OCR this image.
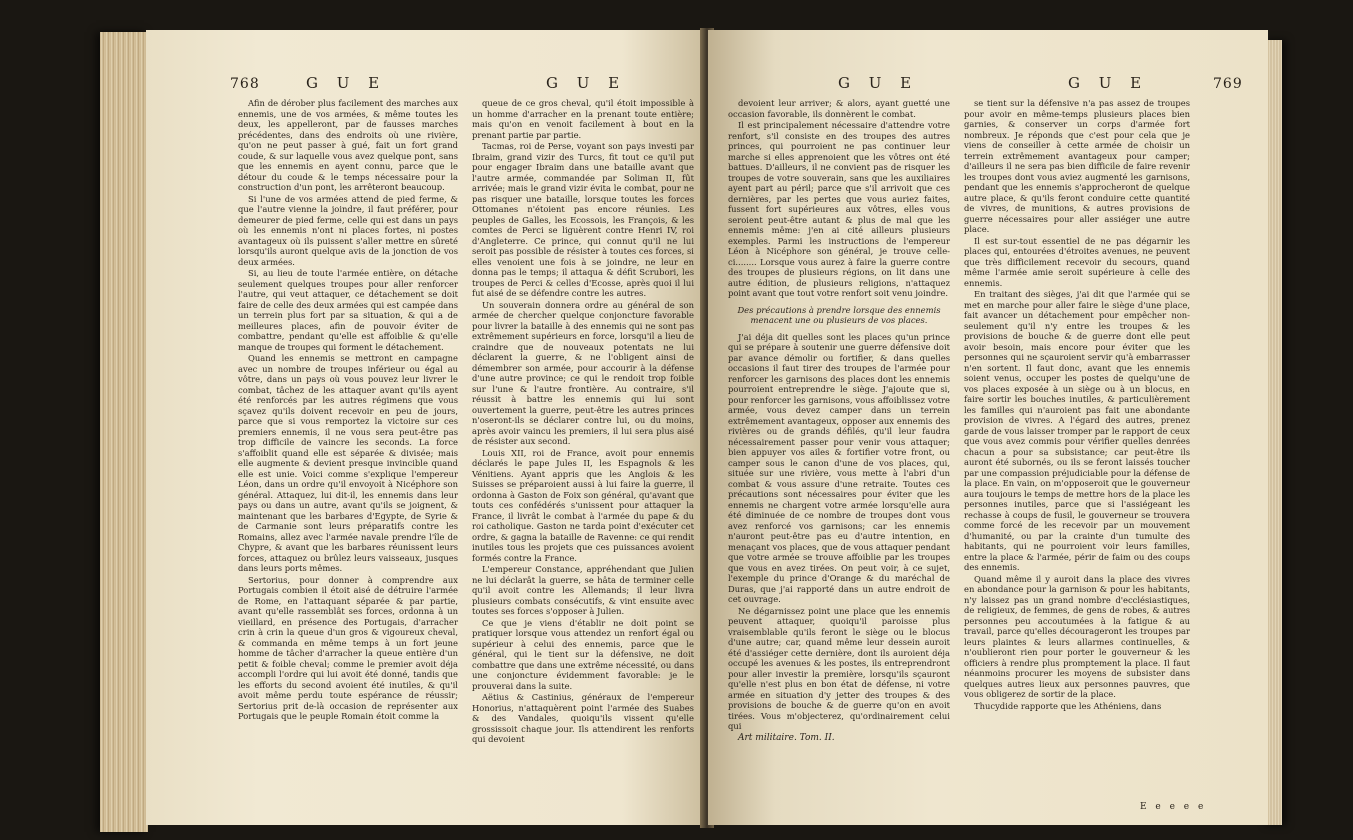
768	G U E	G U E

Afin de dérober plus facilement des marches aux ennemis, une de vos armées, & même toutes les deux, les appelleront, par de fausses marches précédentes, dans des endroits où une rivière, qu'on ne peut passer à gué, fait un fort grand coude, & sur laquelle vous avez quelque pont, sans que les ennemis en ayent connu, parce que le détour du coude & le temps nécessaire pour la construction d'un pont, les arrêteront beaucoup.

Si l'une de vos armées attend de pied ferme, & que l'autre vienne la joindre, il faut préférer, pour demeurer de pied ferme, celle qui est dans un pays où les ennemis n'ont ni places fortes, ni postes avantageux où ils puissent s'aller mettre en sûreté lorsqu'ils auront quelque avis de la jonction de vos deux armées.

Si, au lieu de toute l'armée entière, on détache seulement quelques troupes pour aller renforcer l'autre, qui veut attaquer, ce détachement se doit faire de celle des deux armées qui est campée dans un terrein plus fort par sa situation, & qui a de meilleures places, afin de pouvoir éviter de combattre, pendant qu'elle est affoiblie & qu'elle manque de troupes qui forment le détachement.

Quand les ennemis se mettront en campagne avec un nombre de troupes inférieur ou égal au vôtre, dans un pays où vous pouvez leur livrer le combat, tâchez de les attaquer avant qu'ils ayent été renforcés par les autres régimens que vous sçavez qu'ils doivent recevoir en peu de jours, parce que si vous remportez la victoire sur ces premiers ennemis, il ne vous sera peut-être pas trop difficile de vaincre les seconds. La force s'affoiblit quand elle est séparée & divisée; mais elle augmente & devient presque invincible quand elle est unie. Voici comme s'explique l'empereur Léon, dans un ordre qu'il envoyoit à Nicéphore son général. Attaquez, lui dit-il, les ennemis dans leur pays ou dans un autre, avant qu'ils se joignent, & maintenant que les barbares d'Egypte, de Syrie & de Carmanie sont leurs préparatifs contre les Romains, allez avec l'armée navale prendre l'île de Chypre, & avant que les barbares réunissent leurs forces, attaquez ou brûlez leurs vaisseaux, jusques dans leurs ports mêmes.

Sertorius, pour donner à comprendre aux Portugais combien il étoit aisé de détruire l'armée de Rome, en l'attaquant séparée & par partie, avant qu'elle rassemblât ses forces, ordonna à un vieillard, en présence des Portugais, d'arracher crin à crin la queue d'un gros & vigoureux cheval, & commanda en même temps à un fort jeune homme de tâcher d'arracher la queue entière d'un petit & foible cheval; comme le premier avoit déja accompli l'ordre qui lui avoit été donné, tandis que les efforts du second avoient été inutiles, & qu'il avoit même perdu toute espérance de réussir; Sertorius prit de-là occasion de représenter aux Portugais que le peuple Romain étoit comme la

queue de ce gros cheval, qu'il étoit impossible à un homme d'arracher en la prenant toute entière; mais qu'on en venoit facilement à bout en la prenant partie par partie.

Tacmas, roi de Perse, voyant son pays investi par Ibraim, grand vizir des Turcs, fit tout ce qu'il put pour engager Ibraim dans une bataille avant que l'autre armée, commandée par Soliman II, fût arrivée; mais le grand vizir évita le combat, pour ne pas risquer une bataille, lorsque toutes les forces Ottomanes n'étoient pas encore réunies. Les peuples de Galles, les Ecossois, les François, & les comtes de Perci se liguèrent contre Henri IV, roi d'Angleterre. Ce prince, qui connut qu'il ne lui seroit pas possible de résister à toutes ces forces, si elles venoient une fois à se joindre, ne leur en donna pas le temps; il attaqua & défit Scrubori, les troupes de Perci & celles d'Ecosse, après quoi il lui fut aisé de se défendre contre les autres.

Un souverain donnera ordre au général de son armée de chercher quelque conjoncture favorable pour livrer la bataille à des ennemis qui ne sont pas extrêmement supérieurs en force, lorsqu'il a lieu de craindre que de nouveaux potentats ne lui déclarent la guerre, & ne l'obligent ainsi de démembrer son armée, pour accourir à la défense d'une autre province; ce qui le rendoit trop foible sur l'une & l'autre frontière. Au contraire, s'il réussit à battre les ennemis qui lui sont ouvertement la guerre, peut-être les autres princes n'oseront-ils se déclarer contre lui, ou du moins, après avoir vaincu les premiers, il lui sera plus aisé de résister aux second.

Louis XII, roi de France, avoit pour ennemis déclarés le pape Jules II, les Espagnols & les Vénitiens. Ayant appris que les Anglois & les Suisses se préparoient aussi à lui faire la guerre, il ordonna à Gaston de Foix son général, qu'avant que touts ces confédérés s'unissent pour attaquer la France, il livrât le combat à l'armée du pape & du roi catholique. Gaston ne tarda point d'exécuter cet ordre, & gagna la bataille de Ravenne: ce qui rendit inutiles tous les projets que ces puissances avoient formés contre la France.

L'empereur Constance, appréhendant que Julien ne lui déclarât la guerre, se hâta de terminer celle qu'il avoit contre les Allemands; il leur livra plusieurs combats consécutifs, & vint ensuite avec toutes ses forces s'opposer à Julien.

Ce que je viens d'établir ne doit point se pratiquer lorsque vous attendez un renfort égal ou supérieur à celui des ennemis, parce que le général, qui le tient sur la défensive, ne doit combattre que dans une extrême nécessité, ou dans une conjoncture évidemment favorable: je le prouverai dans la suite.

Aëtius & Castinius, généraux de l'empereur Honorius, n'attaquèrent point l'armée des Suabes & des Vandales, quoiqu'ils vissent qu'elle grossissoit chaque jour. Ils attendirent les renforts qui devoient

G U E	G U E	769

devoient leur arriver; & alors, ayant guetté une occasion favorable, ils donnèrent le combat.

Il est principalement nécessaire d'attendre votre renfort, s'il consiste en des troupes des autres princes, qui pourroient ne pas continuer leur marche si elles apprenoient que les vôtres ont été battues. D'ailleurs, il ne convient pas de risquer les troupes de votre souverain, sans que les auxiliaires ayent part au péril; parce que s'il arrivoit que ces dernières, par les pertes que vous auriez faites, fussent fort supérieures aux vôtres, elles vous seroient peut-être autant & plus de mal que les ennemis même: j'en ai cité ailleurs plusieurs exemples. Parmi les instructions de l'empereur Léon à Nicéphore son général, je trouve celle-ci........ Lorsque vous aurez à faire la guerre contre des troupes de plusieurs régions, on lit dans une autre édition, de plusieurs religions, n'attaquez point avant que tout votre renfort soit venu joindre.

Des précautions à prendre lorsque des ennemis menacent une ou plusieurs de vos places.

J'ai déja dit quelles sont les places qu'un prince qui se prépare à soutenir une guerre défensive doit par avance démolir ou fortifier, & dans quelles occasions il faut tirer des troupes de l'armée pour renforcer les garnisons des places dont les ennemis pourroient entreprendre le siège. J'ajoute que si, pour renforcer les garnisons, vous affoiblissez votre armée, vous devez camper dans un terrein extrêmement avantageux, opposer aux ennemis des rivières ou de grands défilés, qu'il leur faudra nécessairement passer pour venir vous attaquer; bien appuyer vos ailes & fortifier votre front, ou camper sous le canon d'une de vos places, qui, située sur une rivière, vous mette à l'abri d'un combat & vous assure d'une retraite. Toutes ces précautions sont nécessaires pour éviter que les ennemis ne chargent votre armée lorsqu'elle aura été diminuée de ce nombre de troupes dont vous avez renforcé vos garnisons; car les ennemis n'auront peut-être pas eu d'autre intention, en menaçant vos places, que de vous attaquer pendant que votre armée se trouve affoiblie par les troupes que vous en avez tirées. On peut voir, à ce sujet, l'exemple du prince d'Orange & du maréchal de Duras, que j'ai rapporté dans un autre endroit de cet ouvrage.

Ne dégarnissez point une place que les ennemis peuvent attaquer, quoiqu'il paroisse plus vraisemblable qu'ils feront le siège ou le blocus d'une autre; car, quand même leur dessein auroit été d'assiéger cette dernière, dont ils auroient déja occupé les avenues & les postes, ils entreprendront pour aller investir la première, lorsqu'ils sçauront qu'elle n'est plus en bon état de défense, ni votre armée en situation d'y jetter des troupes & des provisions de bouche & de guerre qu'on en avoit tirées. Vous m'objecterez, qu'ordinairement celui qui

Art militaire. Tom. II.

se tient sur la défensive n'a pas assez de troupes pour avoir en même-temps plusieurs places bien garnies, & conserver un corps d'armée fort nombreux. Je réponds que c'est pour cela que je viens de conseiller à cette armée de choisir un terrein extrêmement avantageux pour camper; d'ailleurs il ne sera pas bien difficile de faire revenir les troupes dont vous aviez augmenté les garnisons, pendant que les ennemis s'approcheront de quelque autre place, & qu'ils feront conduire cette quantité de vivres, de munitions, & autres provisions de guerre nécessaires pour aller assiéger une autre place.

Il est sur-tout essentiel de ne pas dégarnir les places qui, entourées d'étroites avenues, ne peuvent que très difficilement recevoir du secours, quand même l'armée amie seroit supérieure à celle des ennemis.

En traitant des sièges, j'ai dit que l'armée qui se met en marche pour aller faire le siège d'une place, fait avancer un détachement pour empêcher non-seulement qu'il n'y entre les troupes & les provisions de bouche & de guerre dont elle peut avoir besoin, mais encore pour éviter que les personnes qui ne sçauroient servir qu'à embarrasser n'en sortent. Il faut donc, avant que les ennemis soient venus, occuper les postes de quelqu'une de vos places exposée à un siège ou à un blocus, en faire sortir les bouches inutiles, & particulièrement les familles qui n'auroient pas fait une abondante provision de vivres. A l'égard des autres, prenez garde de vous laisser tromper par le rapport de ceux que vous avez commis pour vérifier quelles denrées chacun a pour sa subsistance; car peut-être ils auront été subornés, ou ils se feront laissés toucher par une compassion préjudiciable pour la défense de la place. En vain, on m'opposeroit que le gouverneur aura toujours le temps de mettre hors de la place les personnes inutiles, parce que si l'assiégeant les rechasse à coups de fusil, le gouverneur se trouvera comme forcé de les recevoir par un mouvement d'humanité, ou par la crainte d'un tumulte des habitants, qui ne pourroient voir leurs familles, entre la place & l'armée, périr de faim ou des coups des ennemis.

Quand même il y auroit dans la place des vivres en abondance pour la garnison & pour les habitants, n'y laissez pas un grand nombre d'ecclésiastiques, de religieux, de femmes, de gens de robes, & autres personnes peu accoutumées à la fatigue & au travail, parce qu'elles décourageront les troupes par leurs plaintes & leurs allarmes continuelles, & n'oublieront rien pour porter le gouverneur & les officiers à rendre plus promptement la place. Il faut néanmoins procurer les moyens de subsister dans quelques autres lieux aux personnes pauvres, que vous obligerez de sortir de la place.

Thucydide rapporte que les Athéniens, dans

E e e e e
